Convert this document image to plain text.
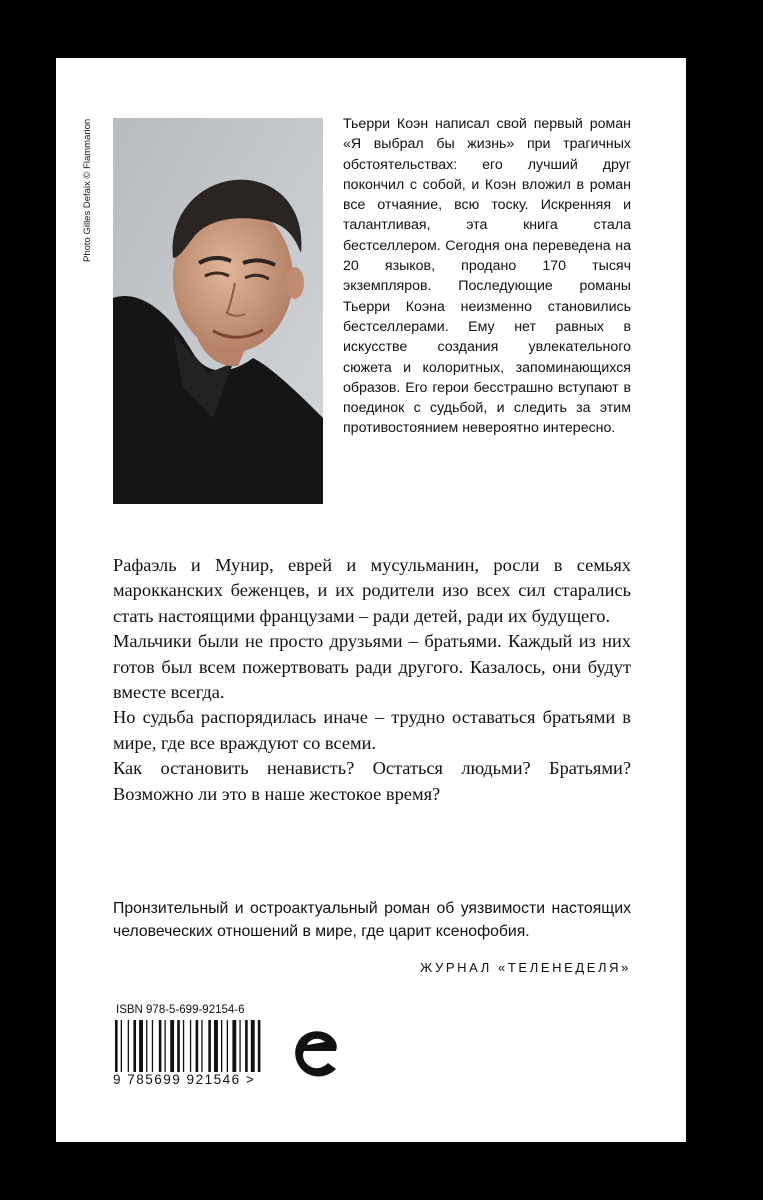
Photo Gilles Defaix © Flammarion	Тьерри Коэн написал свой первый роман «Я выбрал бы жизнь» при трагичных обстоятельствах: его лучший друг покончил с собой, и Коэн вложил в роман все отчаяние, всю тоску. Искренняя и талантливая, эта книга стала бестселлером. Сегодня она переведена на 20 языков, продано 170 тысяч экземпляров. Последующие романы Тьерри Коэна неизменно становились бестселлерами. Ему нет равных в искусстве создания увлекательного сюжета и колоритных, запоминающихся образов. Его герои бесстрашно вступают в поединок с судьбой, и следить за этим противостоянием невероятно интересно.

Рафаэль и Мунир, еврей и мусульманин, росли в семьях марокканских беженцев, и их родители изо всех сил старались стать настоящими французами – ради детей, ради их будущего.

Мальчики были не просто друзьями – братьями. Каждый из них готов был всем пожертвовать ради другого. Казалось, они будут вместе всегда.

Но судьба распорядилась иначе – трудно оставаться братьями в мире, где все враждуют со всеми.

Как остановить ненависть? Остаться людьми? Братьями? Возможно ли это в наше жестокое время?

Пронзительный и остроактуальный роман об уязвимости настоящих человеческих отношений в мире, где царит ксенофобия.

ЖУРНАЛ «ТЕЛЕНЕДЕЛЯ»
ISBN 978-5-699-92154-6
9 785699 921546 >
